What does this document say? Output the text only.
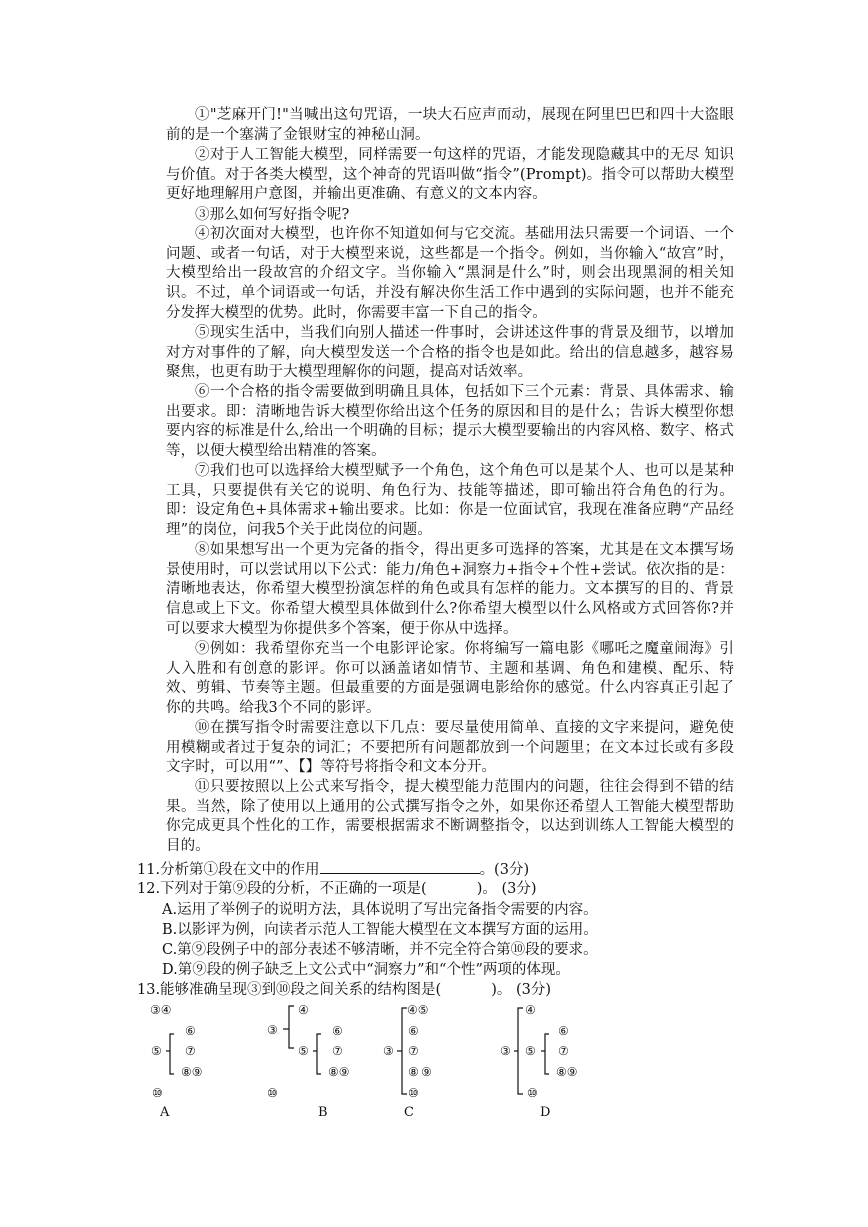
①"芝麻开门!"当喊出这句咒语，一块大石应声而动，展现在阿里巴巴和四十大盗眼前的是一个塞满了金银财宝的神秘山洞。

②对于人工智能大模型，同样需要一句这样的咒语，才能发现隐藏其中的无尽 知识与价值。对于各类大模型，这个神奇的咒语叫做“指令”(Prompt)。指令可以帮助大模型更好地理解用户意图，并输出更准确、有意义的文本内容。

③那么如何写好指令呢?

④初次面对大模型，也许你不知道如何与它交流。基础用法只需要一个词语、一个问题、或者一句话，对于大模型来说，这些都是一个指令。例如，当你输入“故宫”时，大模型给出一段故宫的介绍文字。当你输入“黑洞是什么”时，则会出现黑洞的相关知识。不过，单个词语或一句话，并没有解决你生活工作中遇到的实际问题，也并不能充分发挥大模型的优势。此时，你需要丰富一下自己的指令。

⑤现实生活中，当我们向别人描述一件事时，会讲述这件事的背景及细节，以增加对方对事件的了解，向大模型发送一个合格的指令也是如此。给出的信息越多，越容易聚焦，也更有助于大模型理解你的问题，提高对话效率。

⑥一个合格的指令需要做到明确且具体，包括如下三个元素：背景、具体需求、输出要求。即：清晰地告诉大模型你给出这个任务的原因和目的是什么；告诉大模型你想要内容的标准是什么,给出一个明确的目标；提示大模型要输出的内容风格、数字、格式等，以便大模型给出精准的答案。

⑦我们也可以选择给大模型赋予一个角色，这个角色可以是某个人、也可以是某种工具，只要提供有关它的说明、角色行为、技能等描述，即可输出符合角色的行为。即：设定角色+具体需求+输出要求。比如：你是一位面试官，我现在准备应聘“产品经理”的岗位，问我5个关于此岗位的问题。

⑧如果想写出一个更为完备的指令，得出更多可选择的答案，尤其是在文本撰写场景使用时，可以尝试用以下公式：能力/角色+洞察力+指令+个性+尝试。依次指的是：清晰地表达，你希望大模型扮演怎样的角色或具有怎样的能力。文本撰写的目的、背景信息或上下文。你希望大模型具体做到什么?你希望大模型以什么风格或方式回答你?并可以要求大模型为你提供多个答案，便于你从中选择。

⑨例如：我希望你充当一个电影评论家。你将编写一篇电影《哪吒之魔童闹海》引人入胜和有创意的影评。你可以涵盖诸如情节、主题和基调、角色和建模、配乐、特效、剪辑、节奏等主题。但最重要的方面是强调电影给你的感觉。什么内容真正引起了你的共鸣。给我3个不同的影评。

⑩在撰写指令时需要注意以下几点：要尽量使用简单、直接的文字来提问，避免使用模糊或者过于复杂的词汇；不要把所有问题都放到一个问题里；在文本过长或有多段文字时，可以用“”、【】等符号将指令和文本分开。

⑪只要按照以上公式来写指令，提大模型能力范围内的问题，往往会得到不错的结果。当然，除了使用以上通用的公式撰写指令之外，如果你还希望人工智能大模型帮助你完成更具个性化的工作，需要根据需求不断调整指令，以达到训练人工智能大模型的目的。

11.分析第①段在文中的作用	。(3分)

12.下列对于第⑨段的分析，不正确的一项是(	)。 (3分)

A.运用了举例子的说明方法，具体说明了写出完备指令需要的内容。

B.以影评为例，向读者示范人工智能大模型在文本撰写方面的运用。

C.第⑨段例子中的部分表述不够清晰，并不完全符合第⑩段的要求。

D.第⑨段的例子缺乏上文公式中“洞察力”和“个性”两项的体现。

13.能够准确呈现③到⑩段之间关系的结构图是(	)。 (3分)

③④
⑤
⑥
⑦
⑧⑨
⑩
A
③
④
⑤
⑥
⑦
⑧⑨
⑩
B
③
④⑤
⑥
⑦
⑧ ⑨
⑩
C
③
④
⑤
⑥
⑦
⑧⑨
⑩
D
